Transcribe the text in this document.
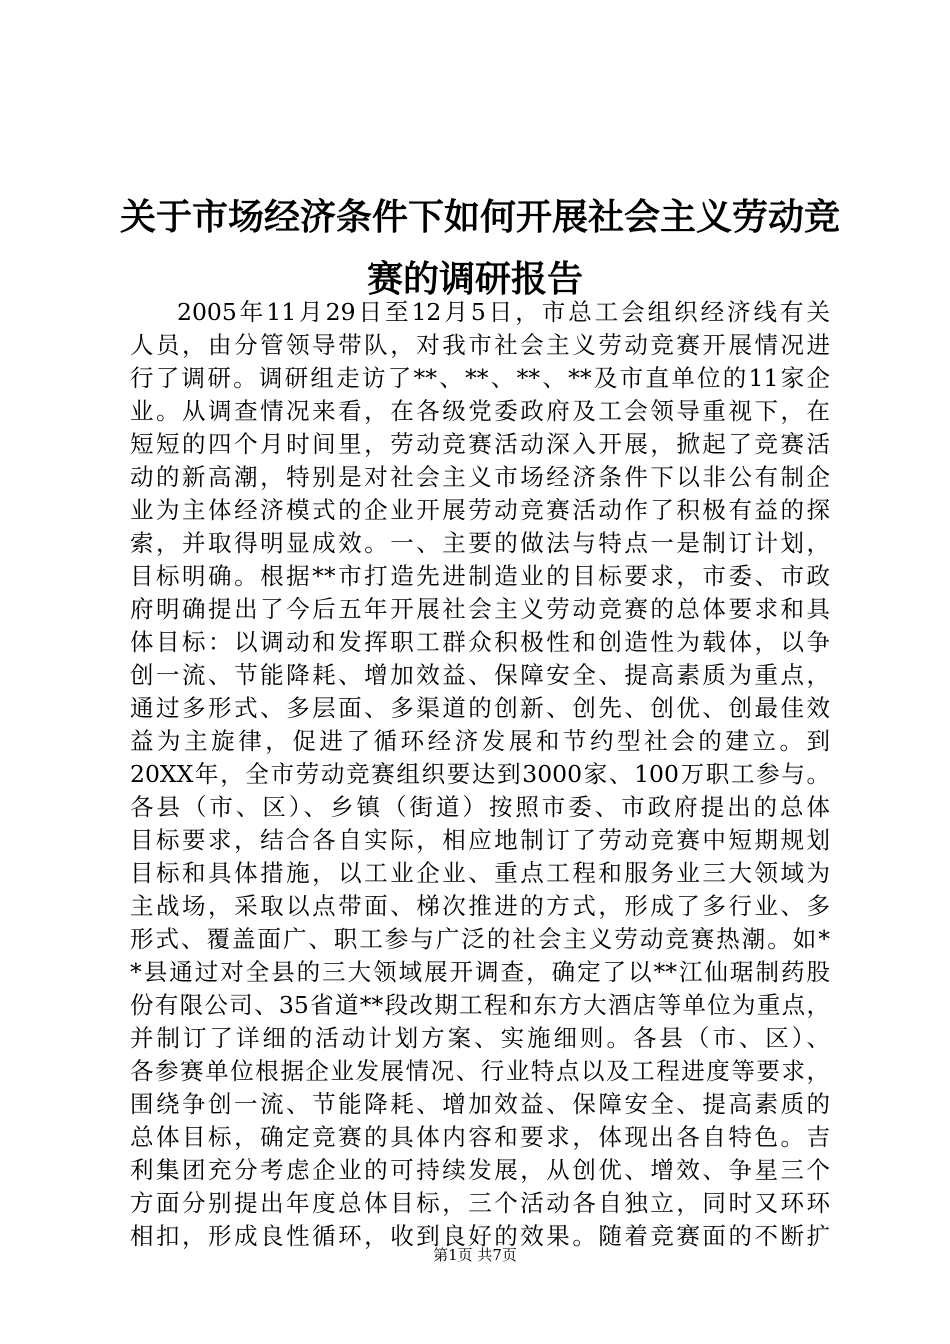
关于市场经济条件下如何开展社会主义劳动竞
赛的调研报告
2005年11月29日至12月5日，市总工会组织经济线有关
人员，由分管领导带队，对我市社会主义劳动竞赛开展情况进
行了调研。调研组走访了**、**、**、**及市直单位的11家企
业。从调查情况来看，在各级党委政府及工会领导重视下，在
短短的四个月时间里，劳动竞赛活动深入开展，掀起了竞赛活
动的新高潮，特别是对社会主义市场经济条件下以非公有制企
业为主体经济模式的企业开展劳动竞赛活动作了积极有益的探
索，并取得明显成效。一、主要的做法与特点一是制订计划，
目标明确。根据**市打造先进制造业的目标要求，市委、市政
府明确提出了今后五年开展社会主义劳动竞赛的总体要求和具
体目标：以调动和发挥职工群众积极性和创造性为载体，以争
创一流、节能降耗、增加效益、保障安全、提高素质为重点，
通过多形式、多层面、多渠道的创新、创先、创优、创最佳效
益为主旋律，促进了循环经济发展和节约型社会的建立。到
20XX年，全市劳动竞赛组织要达到3000家、100万职工参与。
各县（市、区）、乡镇（街道）按照市委、市政府提出的总体
目标要求，结合各自实际，相应地制订了劳动竞赛中短期规划
目标和具体措施，以工业企业、重点工程和服务业三大领域为
主战场，采取以点带面、梯次推进的方式，形成了多行业、多
形式、覆盖面广、职工参与广泛的社会主义劳动竞赛热潮。如*
*县通过对全县的三大领域展开调查，确定了以**江仙琚制药股
份有限公司、35省道**段改期工程和东方大酒店等单位为重点，
并制订了详细的活动计划方案、实施细则。各县（市、区）、
各参赛单位根据企业发展情况、行业特点以及工程进度等要求，
围绕争创一流、节能降耗、增加效益、保障安全、提高素质的
总体目标，确定竞赛的具体内容和要求，体现出各自特色。吉
利集团充分考虑企业的可持续发展，从创优、增效、争星三个
方面分别提出年度总体目标，三个活动各自独立，同时又环环
相扣，形成良性循环，收到良好的效果。随着竞赛面的不断扩
第1页 共7页
